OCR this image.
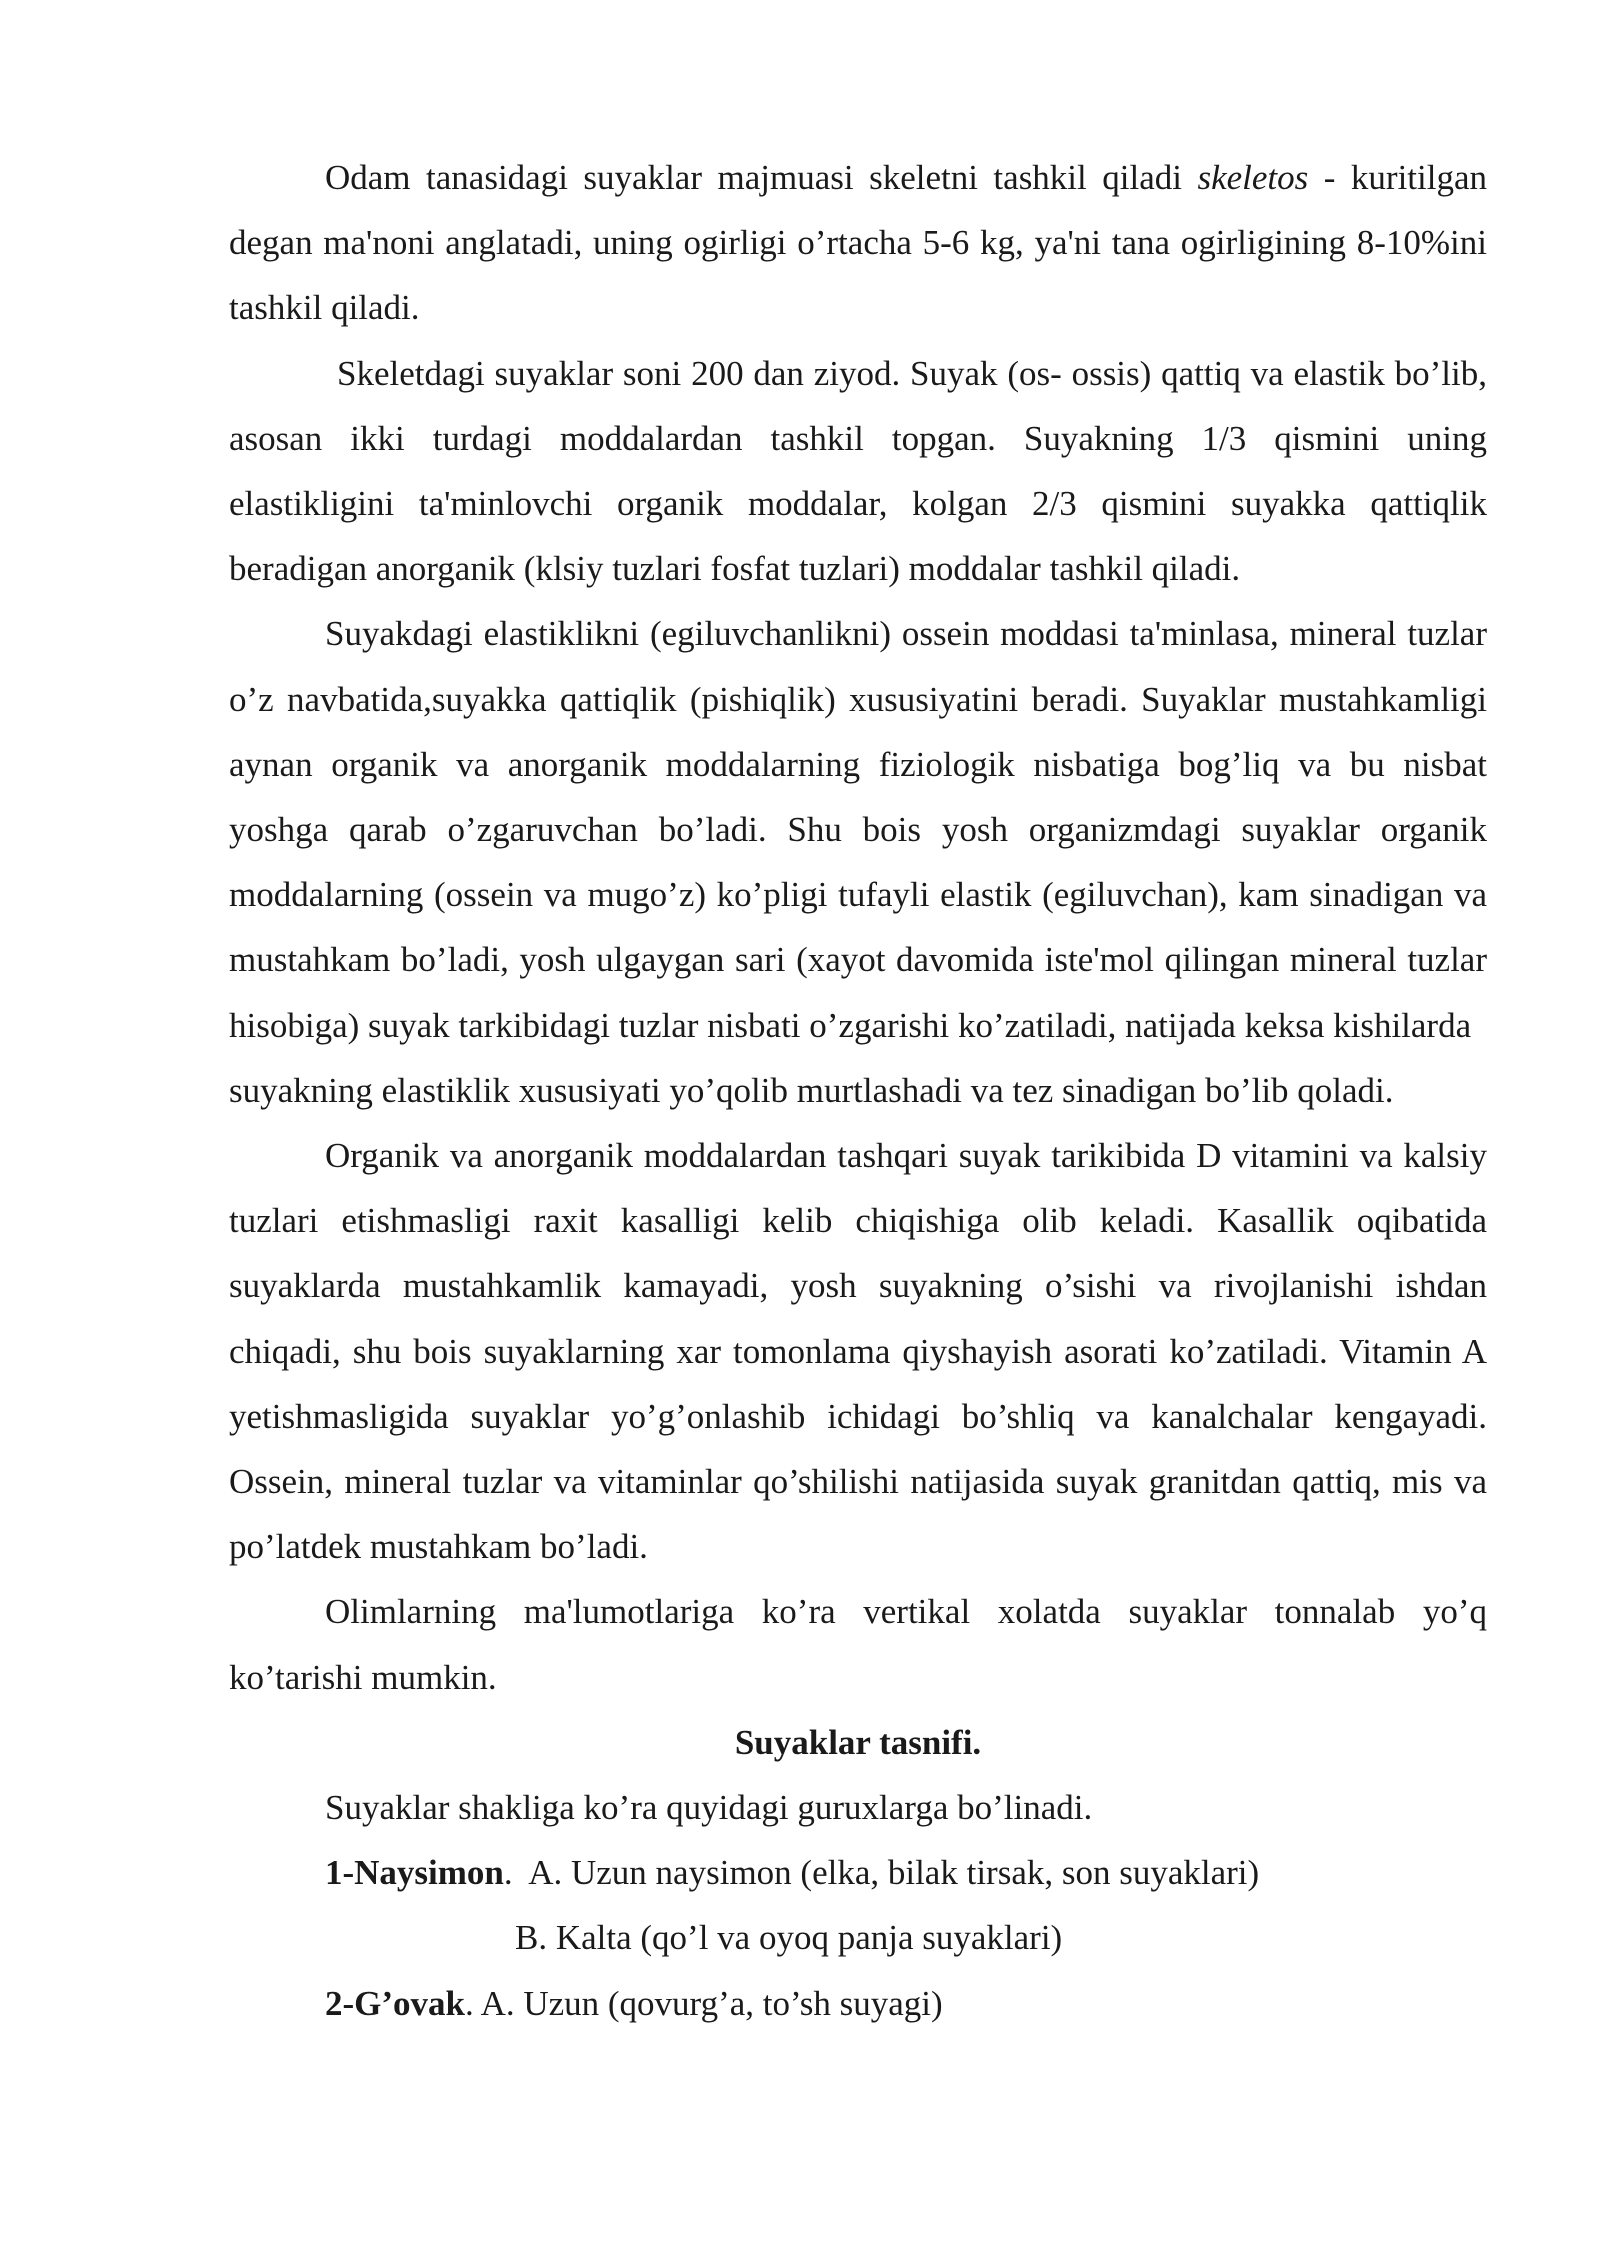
Odam tanasidagi suyaklar majmuasi skeletni tashkil qiladi skeletos - kuritilgan degan ma'noni anglatadi, uning ogirligi o’rtacha 5-6 kg, ya'ni tana ogirligining 8-10%ini tashkil qiladi.

Skeletdagi suyaklar soni 200 dan ziyod. Suyak (os- ossis) qattiq va elastik bo’lib, asosan ikki turdagi moddalardan tashkil topgan. Suyakning 1/3 qismini uning elastikligini ta'minlovchi organik moddalar, kolgan 2/3 qismini suyakka qattiqlik beradigan anorganik (klsiy tuzlari fosfat tuzlari) moddalar tashkil qiladi.

Suyakdagi elastiklikni (egiluvchanlikni) ossein moddasi ta'minlasa, mineral tuzlar o’z navbatida,suyakka qattiqlik (pishiqlik) xususiyatini beradi. Suyaklar mustahkamligi aynan organik va anorganik moddalarning fiziologik nisbatiga bog’liq va bu nisbat yoshga qarab o’zgaruvchan bo’ladi. Shu bois yosh organizmdagi suyaklar organik moddalarning (ossein va mugo’z) ko’pligi tufayli elastik (egiluvchan), kam sinadigan va mustahkam bo’ladi, yosh ulgaygan sari (xayot davomida iste'mol qilingan mineral tuzlar hisobiga) suyak tarkibidagi tuzlar nisbati o’zgarishi ko’zatiladi, natijada keksa kishilarda

suyakning elastiklik xususiyati yo’qolib murtlashadi va tez sinadigan bo’lib qoladi.

Organik va anorganik moddalardan tashqari suyak tarikibida D vitamini va kalsiy tuzlari etishmasligi raxit kasalligi kelib chiqishiga olib keladi. Kasallik oqibatida suyaklarda mustahkamlik kamayadi, yosh suyakning o’sishi va rivojlanishi ishdan chiqadi, shu bois suyaklarning xar tomonlama qiyshayish asorati ko’zatiladi. Vitamin A yetishmasligida suyaklar yo’g’onlashib ichidagi bo’shliq va kanalchalar kengayadi. Ossein, mineral tuzlar va vitaminlar qo’shilishi natijasida suyak granitdan qattiq, mis va po’latdek mustahkam bo’ladi.

Olimlarning ma'lumotlariga ko’ra vertikal xolatda suyaklar tonnalab yo’q ko’tarishi mumkin.

Suyaklar tasnifi.

Suyaklar shakliga ko’ra quyidagi guruxlarga bo’linadi.

1-Naysimon.  A. Uzun naysimon (elka, bilak tirsak, son suyaklari)

B. Kalta (qo’l va oyoq panja suyaklari)

2-G’ovak. A. Uzun (qovurg’a, to’sh suyagi)
